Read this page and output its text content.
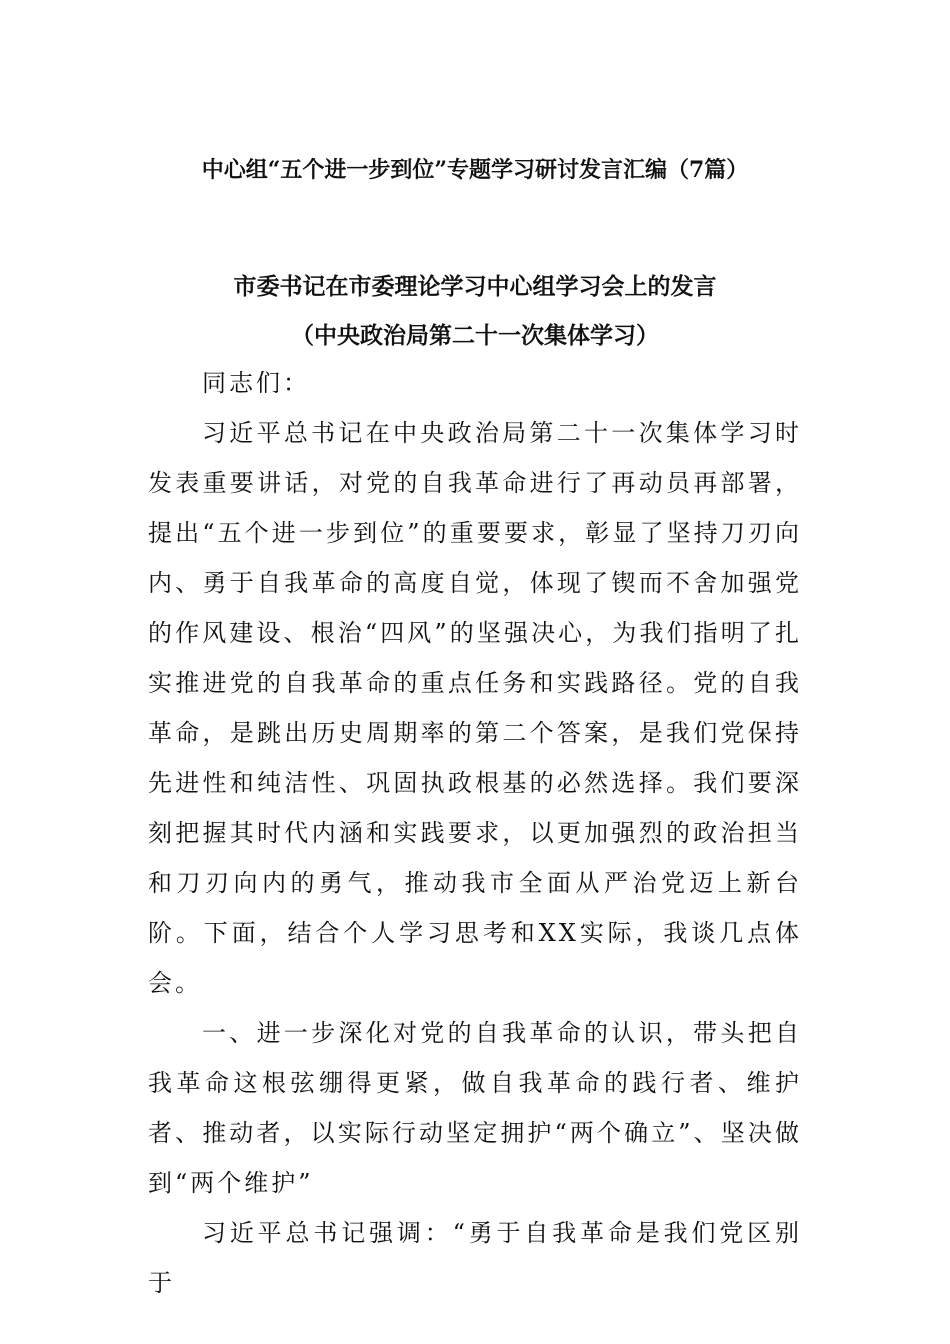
中心组“五个进一步到位”专题学习研讨发言汇编（7篇）
市委书记在市委理论学习中心组学习会上的发言
（中央政治局第二十一次集体学习）

同志们：

习近平总书记在中央政治局第二十一次集体学习时发表重要讲话，对党的自我革命进行了再动员再部署，提出“五个进一步到位”的重要要求，彰显了坚持刀刃向内、勇于自我革命的高度自觉，体现了锲而不舍加强党的作风建设、根治“四风”的坚强决心，为我们指明了扎实推进党的自我革命的重点任务和实践路径。党的自我革命，是跳出历史周期率的第二个答案，是我们党保持先进性和纯洁性、巩固执政根基的必然选择。我们要深刻把握其时代内涵和实践要求，以更加强烈的政治担当和刀刃向内的勇气，推动我市全面从严治党迈上新台阶。下面，结合个人学习思考和XX实际，我谈几点体会。

一、进一步深化对党的自我革命的认识，带头把自我革命这根弦绷得更紧，做自我革命的践行者、维护者、推动者，以实际行动坚定拥护“两个确立”、坚决做到“两个维护”

习近平总书记强调：“勇于自我革命是我们党区别于
